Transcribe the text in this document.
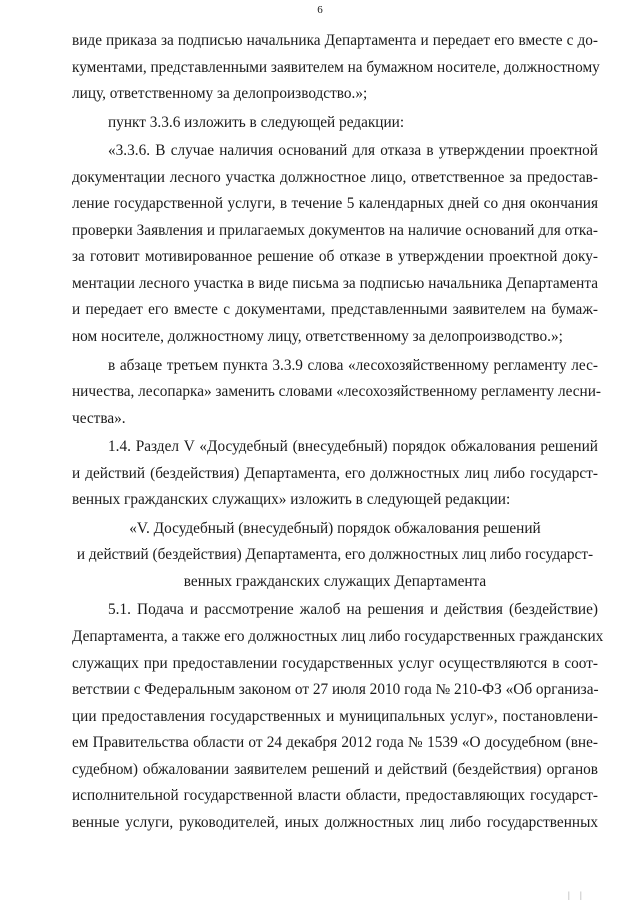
6
виде приказа за подписью начальника Департамента и передает его вместе с до-
кументами, представленными заявителем на бумажном носителе, должностному
лицу, ответственному за делопроизводство.»;
пункт 3.3.6 изложить в следующей редакции:
«3.3.6. В случае наличия оснований для отказа в утверждении проектной
документации лесного участка должностное лицо, ответственное за предостав-
ление государственной услуги, в течение 5 календарных дней со дня окончания
проверки Заявления и прилагаемых документов на наличие оснований для отка-
за готовит мотивированное решение об отказе в утверждении проектной доку-
ментации лесного участка в виде письма за подписью начальника Департамента
и передает его вместе с документами, представленными заявителем на бумаж-
ном носителе, должностному лицу, ответственному за делопроизводство.»;
в абзаце третьем пункта 3.3.9 слова «лесохозяйственному регламенту лес-
ничества, лесопарка» заменить словами «лесохозяйственному регламенту лесни-
чества».
1.4. Раздел V «Досудебный (внесудебный) порядок обжалования решений
и действий (бездействия) Департамента, его должностных лиц либо государст-
венных гражданских служащих» изложить в следующей редакции:
«V. Досудебный (внесудебный) порядок обжалования решений
и действий (бездействия) Департамента, его должностных лиц либо государст-
венных гражданских служащих Департамента
5.1. Подача и рассмотрение жалоб на решения и действия (бездействие)
Департамента, а также его должностных лиц либо государственных гражданских
служащих при предоставлении государственных услуг осуществляются в соот-
ветствии с Федеральным законом от 27 июля 2010 года № 210-ФЗ «Об организа-
ции предоставления государственных и муниципальных услуг», постановлени-
ем Правительства области от 24 декабря 2012 года № 1539 «О досудебном (вне-
судебном) обжаловании заявителем решений и действий (бездействия) органов
исполнительной государственной власти области, предоставляющих государст-
венные услуги, руководителей, иных должностных лиц либо государственных
| |
